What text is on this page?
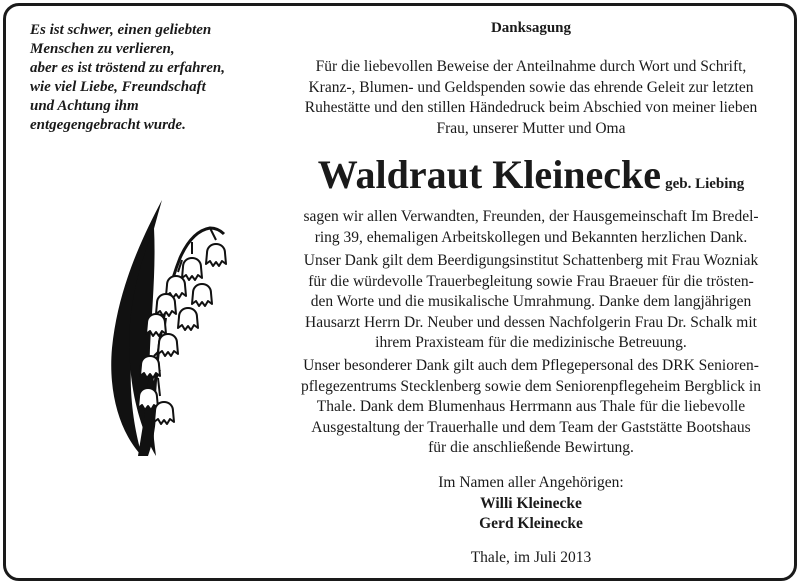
Es ist schwer, einen geliebten
Menschen zu verlieren,
aber es ist tröstend zu erfahren,
wie viel Liebe, Freundschaft
und Achtung ihm
entgegengebracht wurde.
Danksagung
Für die liebevollen Beweise der Anteilnahme durch Wort und Schrift,
Kranz-, Blumen- und Geldspenden sowie das ehrende Geleit zur letzten
Ruhestätte und den stillen Händedruck beim Abschied von meiner lieben
Frau, unserer Mutter und Oma
Waldraut Kleinecke geb. Liebing
sagen wir allen Verwandten, Freunden, der Hausgemeinschaft Im Bredel-
ring 39, ehemaligen Arbeitskollegen und Bekannten herzlichen Dank.
Unser Dank gilt dem Beerdigungsinstitut Schattenberg mit Frau Wozniak
für die würdevolle Trauerbegleitung sowie Frau Braeuer für die trösten-
den Worte und die musikalische Umrahmung. Danke dem langjährigen
Hausarzt Herrn Dr. Neuber und dessen Nachfolgerin Frau Dr. Schalk mit
ihrem Praxisteam für die medizinische Betreuung.
Unser besonderer Dank gilt auch dem Pflegepersonal des DRK Senioren-
pflegezentrums Stecklenberg sowie dem Seniorenpflegeheim Bergblick in
Thale. Dank dem Blumenhaus Herrmann aus Thale für die liebevolle
Ausgestaltung der Trauerhalle und dem Team der Gaststätte Bootshaus
für die anschließende Bewirtung.
Im Namen aller Angehörigen:
Willi Kleinecke
Gerd Kleinecke
Thale, im Juli 2013
